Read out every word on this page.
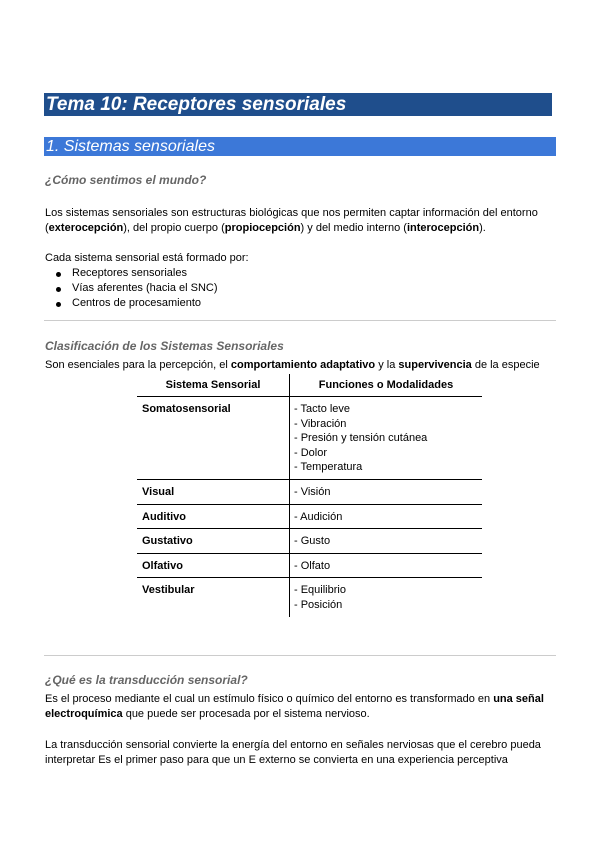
Tema 10: Receptores sensoriales
1. Sistemas sensoriales
¿Cómo sentimos el mundo?
Los sistemas sensoriales son estructuras biológicas que nos permiten captar información del entorno
(exterocepción), del propio cuerpo (propiocepción) y del medio interno (interocepción).
Cada sistema sensorial está formado por:
Receptores sensoriales
Vías aferentes (hacia el SNC)
Centros de procesamiento
Clasificación de los Sistemas Sensoriales
Son esenciales para la percepción, el comportamiento adaptativo y la supervivencia de la especie
Sistema Sensorial	Funciones o Modalidades
Somatosensorial	- Tacto leve
- Vibración
- Presión y tensión cutánea
- Dolor
- Temperatura

Visual	- Visión

Auditivo	- Audición

Gustativo	- Gusto

Olfativo	- Olfato

Vestibular	- Equilibrio
- Posición
¿Qué es la transducción sensorial?
Es el proceso mediante el cual un estímulo físico o químico del entorno es transformado en una señal electroquímica que puede ser procesada por el sistema nervioso.
La transducción sensorial convierte la energía del entorno en señales nerviosas que el cerebro pueda
interpretar Es el primer paso para que un E externo se convierta en una experiencia perceptiva
